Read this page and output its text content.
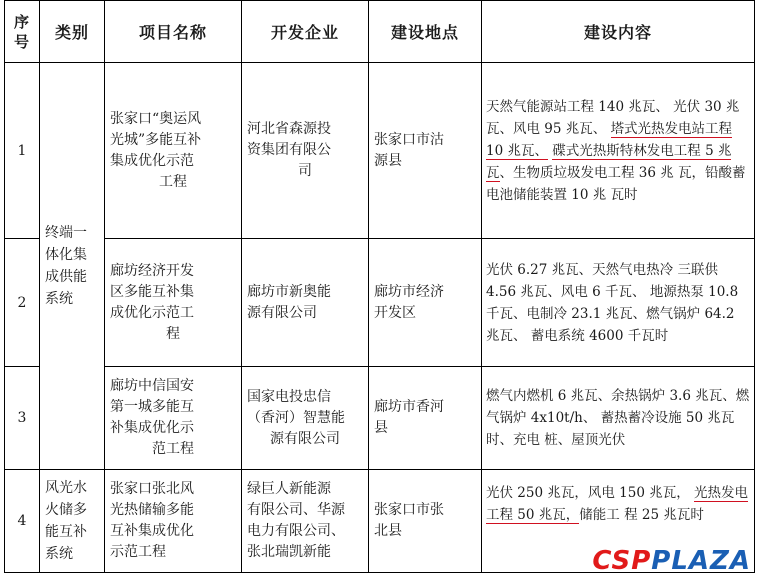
序
号	类别	项目名称	开发企业	建设地点	建设内容
1	终端一
体化集
成供能
系统	张家口“奥运风
光城”多能互补
集成优化示范
工程	河北省森源投
资集团有限公
司	张家口市沽
源县	天然气能源站工程 140 兆瓦、 光伏 30 兆瓦、风电 95 兆瓦、 塔式光热发电站工程 10 兆瓦、 碟式光热斯特林发电工程 5 兆 瓦、生物质垃圾发电工程 36 兆 瓦，铅酸蓄电池储能装置 10 兆 瓦时
2		廊坊经济开发
区多能互补集
成优化示范工
程	廊坊市新奥能
源有限公司	廊坊市经济
开发区	光伏 6.27 兆瓦、天然气电热冷 三联供 4.56 兆瓦、风电 6 千瓦、 地源热泵 10.8 千瓦、电制冷 23.1 兆瓦、燃气锅炉 64.2 兆瓦、 蓄电系统 4600 千瓦时
3		廊坊中信国安
第一城多能互
补集成优化示
范工程	国家电投忠信
（香河）智慧能
源有限公司	廊坊市香河
县	燃气内燃机 6 兆瓦、余热锅炉 3.6 兆瓦、燃气锅炉 4x10t/h、 蓄热蓄冷设施 50 兆瓦时、充电 桩、屋顶光伏
4	风光水
火储多
能互补
系统	张家口张北风
光热储输多能
互补集成优化
示范工程	绿巨人新能源
有限公司、华源
电力有限公司、
张北瑞凯新能	张家口市张
北县	光伏 250 兆瓦，风电 150 兆瓦， 光热发电工程 50 兆瓦，储能工 程 25 兆瓦时
CSPPLAZA
